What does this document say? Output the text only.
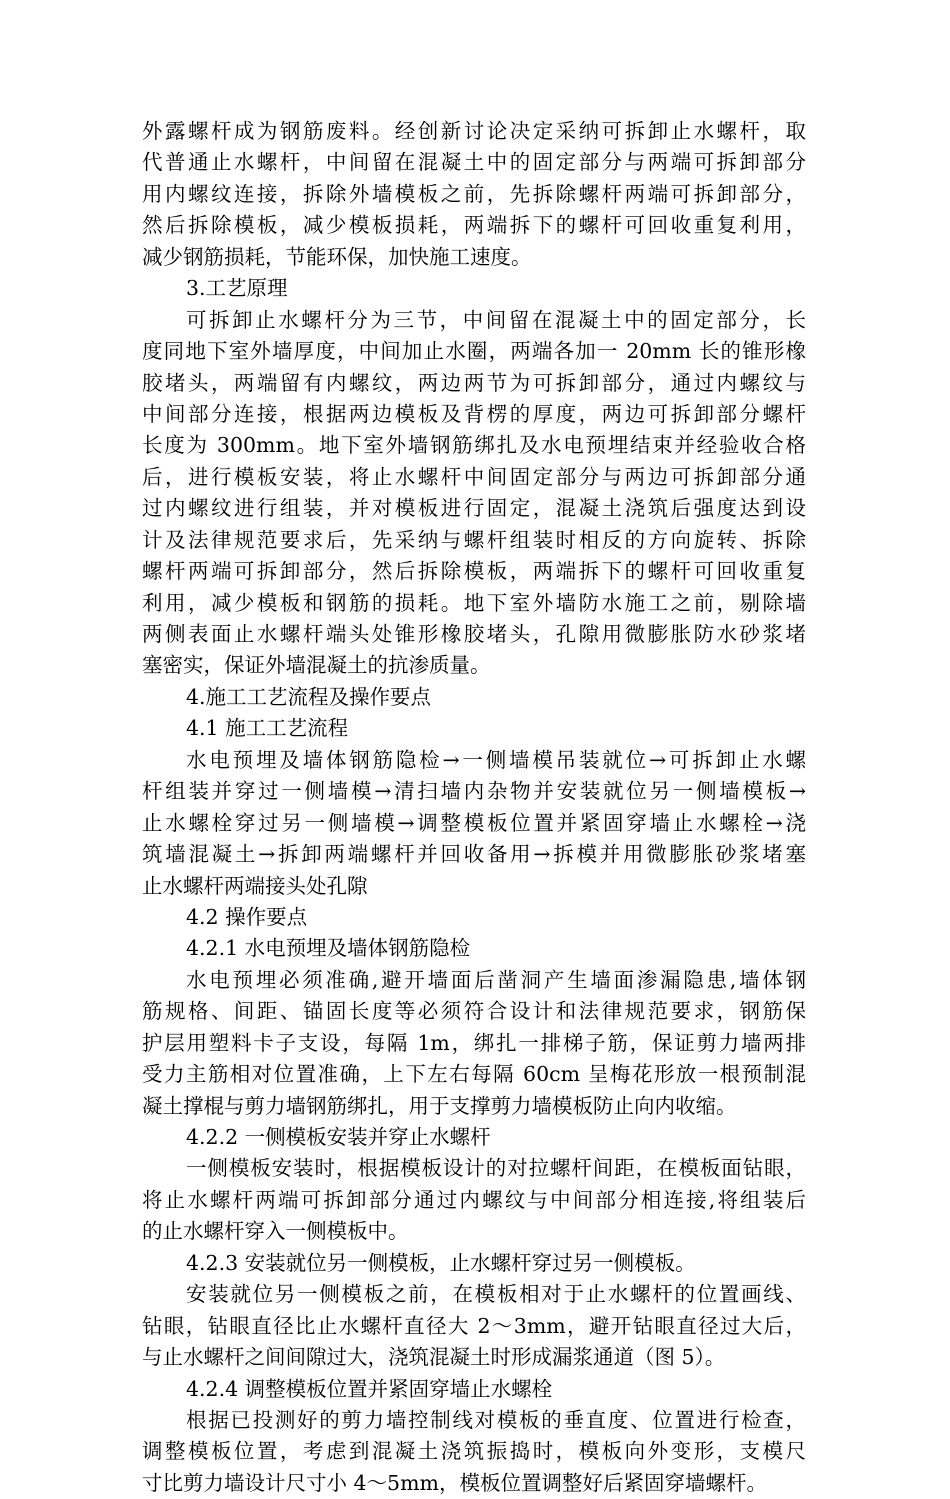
外露螺杆成为钢筋废料。经创新讨论决定采纳可拆卸止水螺杆，取
代普通止水螺杆，中间留在混凝土中的固定部分与两端可拆卸部分
用内螺纹连接，拆除外墙模板之前，先拆除螺杆两端可拆卸部分，
然后拆除模板，减少模板损耗，两端拆下的螺杆可回收重复利用，
减少钢筋损耗，节能环保，加快施工速度。
3.工艺原理
可拆卸止水螺杆分为三节，中间留在混凝土中的固定部分，长
度同地下室外墙厚度，中间加止水圈，两端各加一 20mm 长的锥形橡
胶堵头，两端留有内螺纹，两边两节为可拆卸部分，通过内螺纹与
中间部分连接，根据两边模板及背楞的厚度，两边可拆卸部分螺杆
长度为 300mm。地下室外墙钢筋绑扎及水电预埋结束并经验收合格
后，进行模板安装，将止水螺杆中间固定部分与两边可拆卸部分通
过内螺纹进行组装，并对模板进行固定，混凝土浇筑后强度达到设
计及法律规范要求后，先采纳与螺杆组装时相反的方向旋转、拆除
螺杆两端可拆卸部分，然后拆除模板，两端拆下的螺杆可回收重复
利用，减少模板和钢筋的损耗。地下室外墙防水施工之前，剔除墙
两侧表面止水螺杆端头处锥形橡胶堵头，孔隙用微膨胀防水砂浆堵
塞密实，保证外墙混凝土的抗渗质量。
4.施工工艺流程及操作要点
4.1 施工工艺流程
水电预埋及墙体钢筋隐检→一侧墙模吊装就位→可拆卸止水螺
杆组装并穿过一侧墙模→清扫墙内杂物并安装就位另一侧墙模板→
止水螺栓穿过另一侧墙模→调整模板位置并紧固穿墙止水螺栓→浇
筑墙混凝土→拆卸两端螺杆并回收备用→拆模并用微膨胀砂浆堵塞
止水螺杆两端接头处孔隙
4.2 操作要点
4.2.1 水电预埋及墙体钢筋隐检
水电预埋必须准确,避开墙面后凿洞产生墙面渗漏隐患,墙体钢
筋规格、间距、锚固长度等必须符合设计和法律规范要求，钢筋保
护层用塑料卡子支设，每隔 1m，绑扎一排梯子筋，保证剪力墙两排
受力主筋相对位置准确，上下左右每隔 60cm 呈梅花形放一根预制混
凝土撑棍与剪力墙钢筋绑扎，用于支撑剪力墙模板防止向内收缩。
4.2.2 一侧模板安装并穿止水螺杆
一侧模板安装时，根据模板设计的对拉螺杆间距，在模板面钻眼，
将止水螺杆两端可拆卸部分通过内螺纹与中间部分相连接,将组装后
的止水螺杆穿入一侧模板中。
4.2.3 安装就位另一侧模板，止水螺杆穿过另一侧模板。
安装就位另一侧模板之前，在模板相对于止水螺杆的位置画线、
钻眼，钻眼直径比止水螺杆直径大 2～3mm，避开钻眼直径过大后，
与止水螺杆之间间隙过大，浇筑混凝土时形成漏浆通道（图 5）。
4.2.4 调整模板位置并紧固穿墙止水螺栓
根据已投测好的剪力墙控制线对模板的垂直度、位置进行检查，
调整模板位置，考虑到混凝土浇筑振捣时，模板向外变形，支模尺
寸比剪力墙设计尺寸小 4～5mm，模板位置调整好后紧固穿墙螺杆。
